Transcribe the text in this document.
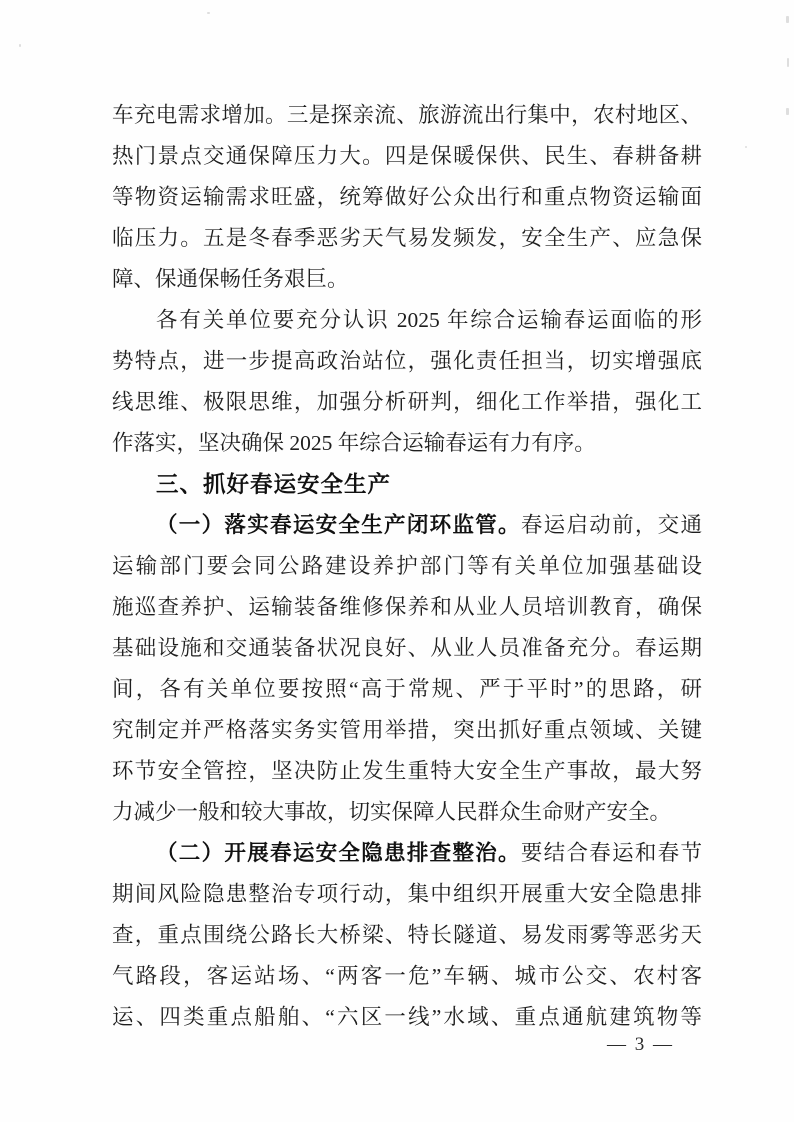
车充电需求增加。三是探亲流、旅游流出行集中，农村地区、
热门景点交通保障压力大。四是保暖保供、民生、春耕备耕
等物资运输需求旺盛，统筹做好公众出行和重点物资运输面
临压力。五是冬春季恶劣天气易发频发，安全生产、应急保
障、保通保畅任务艰巨。
各有关单位要充分认识 2025 年综合运输春运面临的形
势特点，进一步提高政治站位，强化责任担当，切实增强底
线思维、极限思维，加强分析研判，细化工作举措，强化工
作落实，坚决确保 2025 年综合运输春运有力有序。
三、抓好春运安全生产
（一）落实春运安全生产闭环监管。春运启动前，交通
运输部门要会同公路建设养护部门等有关单位加强基础设
施巡查养护、运输装备维修保养和从业人员培训教育，确保
基础设施和交通装备状况良好、从业人员准备充分。春运期
间，各有关单位要按照“高于常规、严于平时”的思路，研
究制定并严格落实务实管用举措，突出抓好重点领域、关键
环节安全管控，坚决防止发生重特大安全生产事故，最大努
力减少一般和较大事故，切实保障人民群众生命财产安全。
（二）开展春运安全隐患排查整治。要结合春运和春节
期间风险隐患整治专项行动，集中组织开展重大安全隐患排
查，重点围绕公路长大桥梁、特长隧道、易发雨雾等恶劣天
气路段，客运站场、“两客一危”车辆、城市公交、农村客
运、四类重点船舶、“六区一线”水域、重点通航建筑物等
— 3 —
